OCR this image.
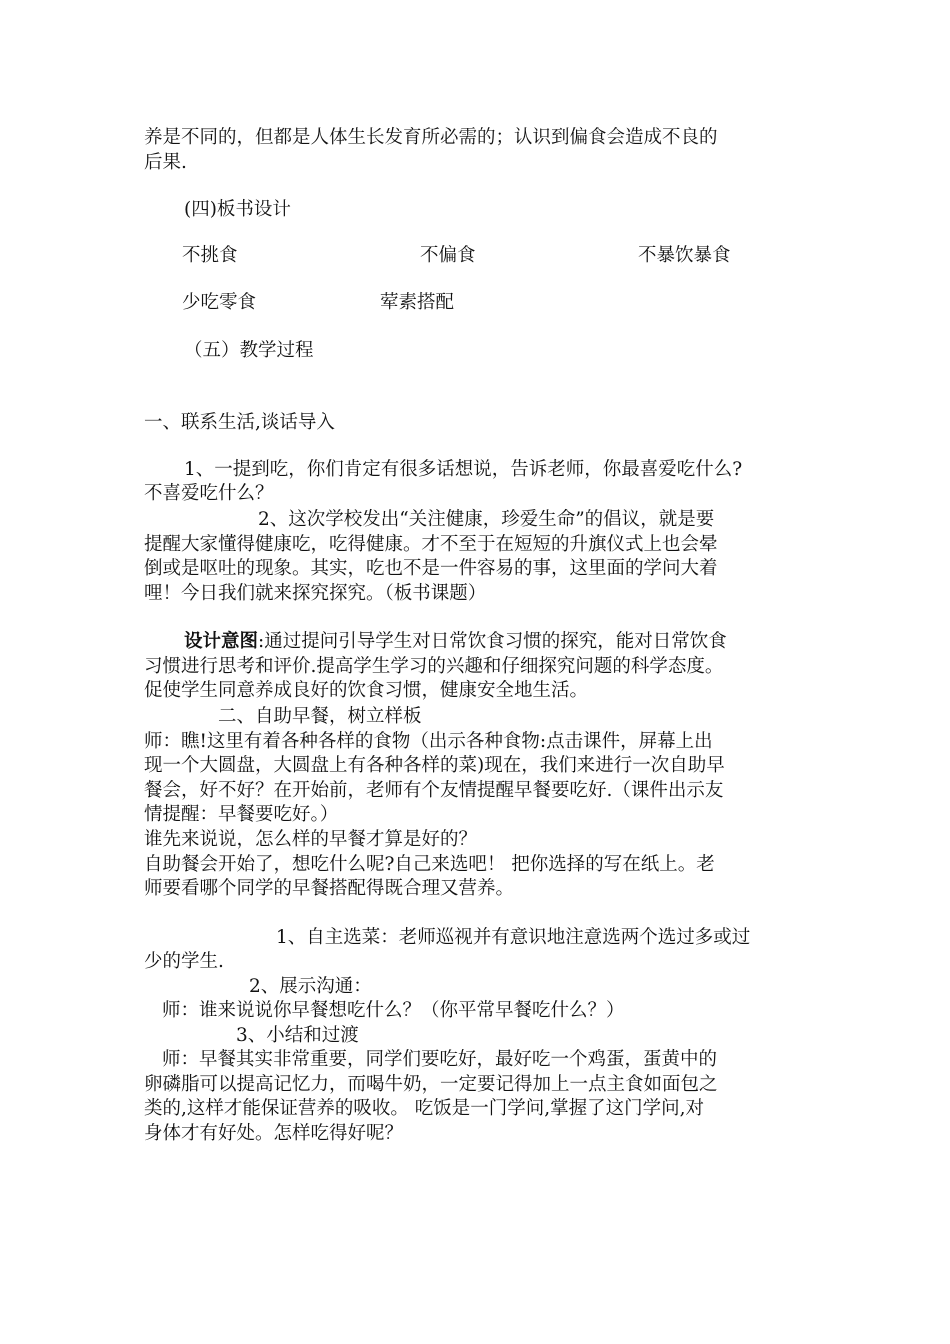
养是不同的，但都是人体生长发育所必需的；认识到偏食会造成不良的
后果.
(四)板书设计
不挑食	不偏食	不暴饮暴食
少吃零食	荤素搭配
（五）教学过程
一、联系生活,谈话导入
1、一提到吃，你们肯定有很多话想说，告诉老师，你最喜爱吃什么?
不喜爱吃什么？
2、这次学校发出“关注健康，珍爱生命”的倡议，就是要
提醒大家懂得健康吃，吃得健康。才不至于在短短的升旗仪式上也会晕
倒或是呕吐的现象。其实，吃也不是一件容易的事，这里面的学问大着
哩！今日我们就来探究探究。（板书课题）
设计意图:通过提问引导学生对日常饮食习惯的探究，能对日常饮食
习惯进行思考和评价.提高学生学习的兴趣和仔细探究问题的科学态度。
促使学生同意养成良好的饮食习惯，健康安全地生活。
二、自助早餐，树立样板
师：瞧!这里有着各种各样的食物（出示各种食物:点击课件，屏幕上出
现一个大圆盘，大圆盘上有各种各样的菜)现在，我们来进行一次自助早
餐会，好不好？在开始前，老师有个友情提醒早餐要吃好.（课件出示友
情提醒：早餐要吃好。）
谁先来说说，怎么样的早餐才算是好的？
自助餐会开始了，想吃什么呢?自己来选吧！ 把你选择的写在纸上。老
师要看哪个同学的早餐搭配得既合理又营养。
1、自主选菜：老师巡视并有意识地注意选两个选过多或过
少的学生.
2、展示沟通：
师：谁来说说你早餐想吃什么？（你平常早餐吃什么？）
3、小结和过渡
师：早餐其实非常重要，同学们要吃好，最好吃一个鸡蛋，蛋黄中的
卵磷脂可以提高记忆力，而喝牛奶，一定要记得加上一点主食如面包之
类的,这样才能保证营养的吸收。 吃饭是一门学问,掌握了这门学问,对
身体才有好处。怎样吃得好呢？
